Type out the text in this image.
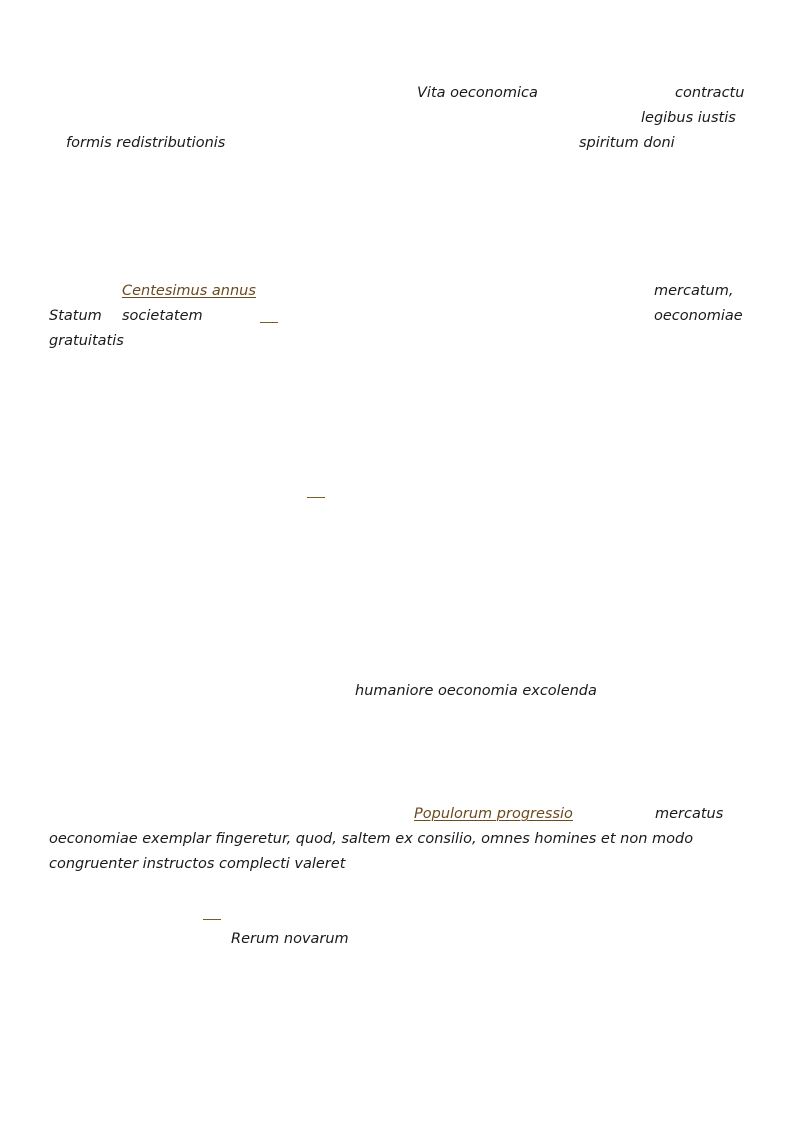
Vita oeconomica	contractu
legibus iustis
formis redistributionis	spiritum doni
Centesimus annus	mercatum,
Statum societatem	oeconomiae
gratuitatis
humaniore oeconomia excolenda
Populorum progressio	mercatus
oeconomiae exemplar fingeretur, quod, saltem ex consilio, omnes homines et non modo
congruenter instructos complecti valeret
Rerum novarum
